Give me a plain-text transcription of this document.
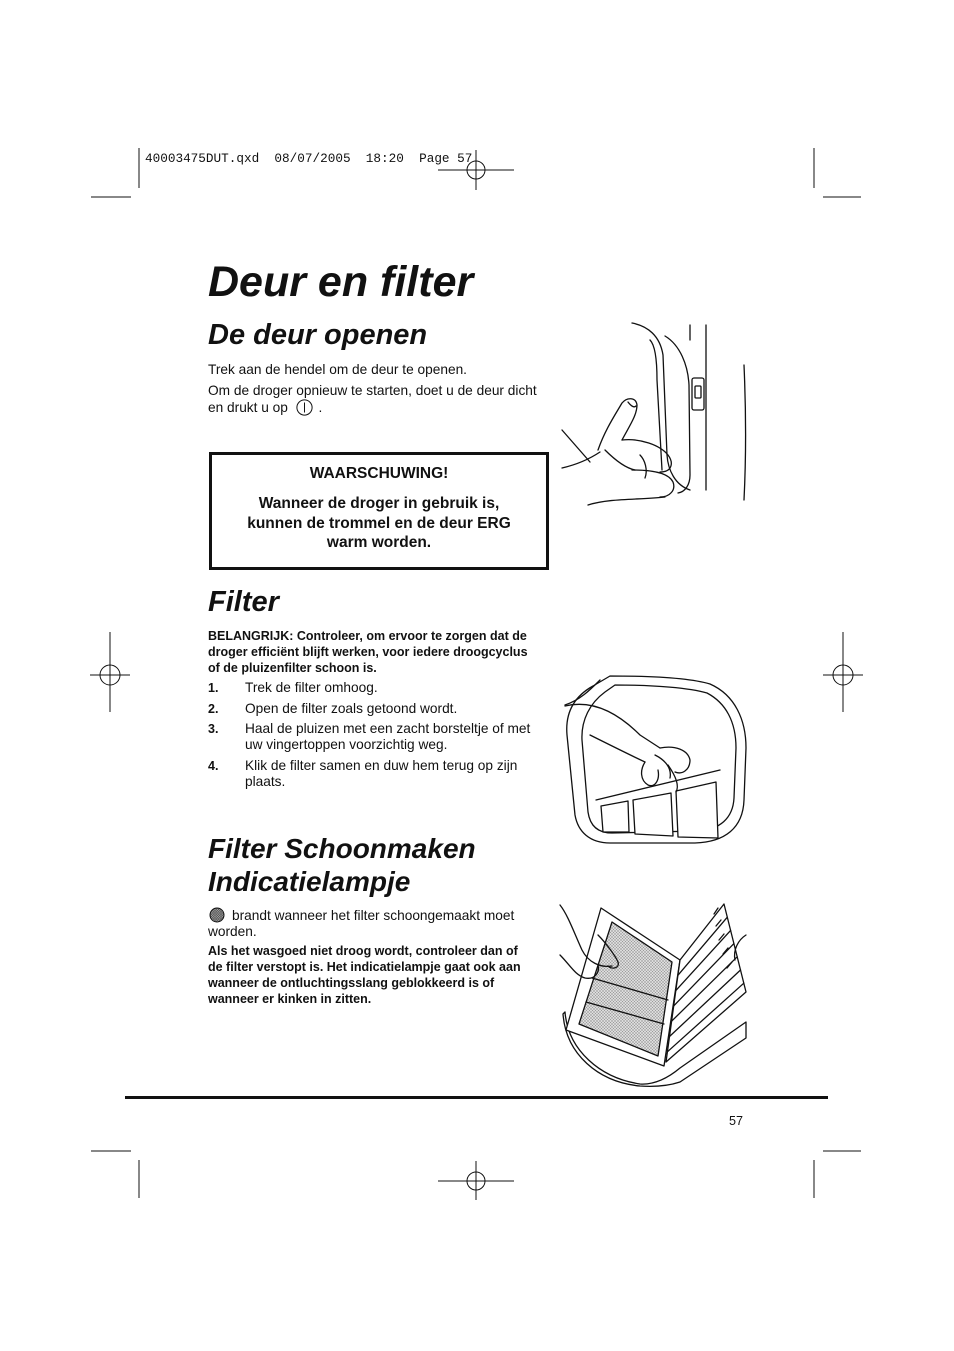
40003475DUT.qxd  08/07/2005  18:20  Page 57
Deur en filter
De deur openen
Trek aan de hendel om de deur te openen.
Om de droger opnieuw te starten, doet u de deur dicht
en drukt u op .
WAARSCHUWING!
Wanneer de droger in gebruik is,
kunnen de trommel en de deur ERG
warm worden.
Filter
BELANGRIJK: Controleer, om ervoor te zorgen dat de
droger efficiënt blijft werken, voor iedere droogcyclus
of de pluizenfilter schoon is.
1. Trek de filter omhoog.
2. Open de filter zoals getoond wordt.
3. Haal de pluizen met een zacht borsteltje of met
uw vingertoppen voorzichtig weg.
4. Klik de filter samen en duw hem terug op zijn
plaats.
Filter Schoonmaken
Indicatielampje
brandt wanneer het filter schoongemaakt moet
worden.
Als het wasgoed niet droog wordt, controleer dan of
de filter verstopt is. Het indicatielampje gaat ook aan
wanneer de ontluchtingsslang geblokkeerd is of
wanneer er kinken in zitten.
57
